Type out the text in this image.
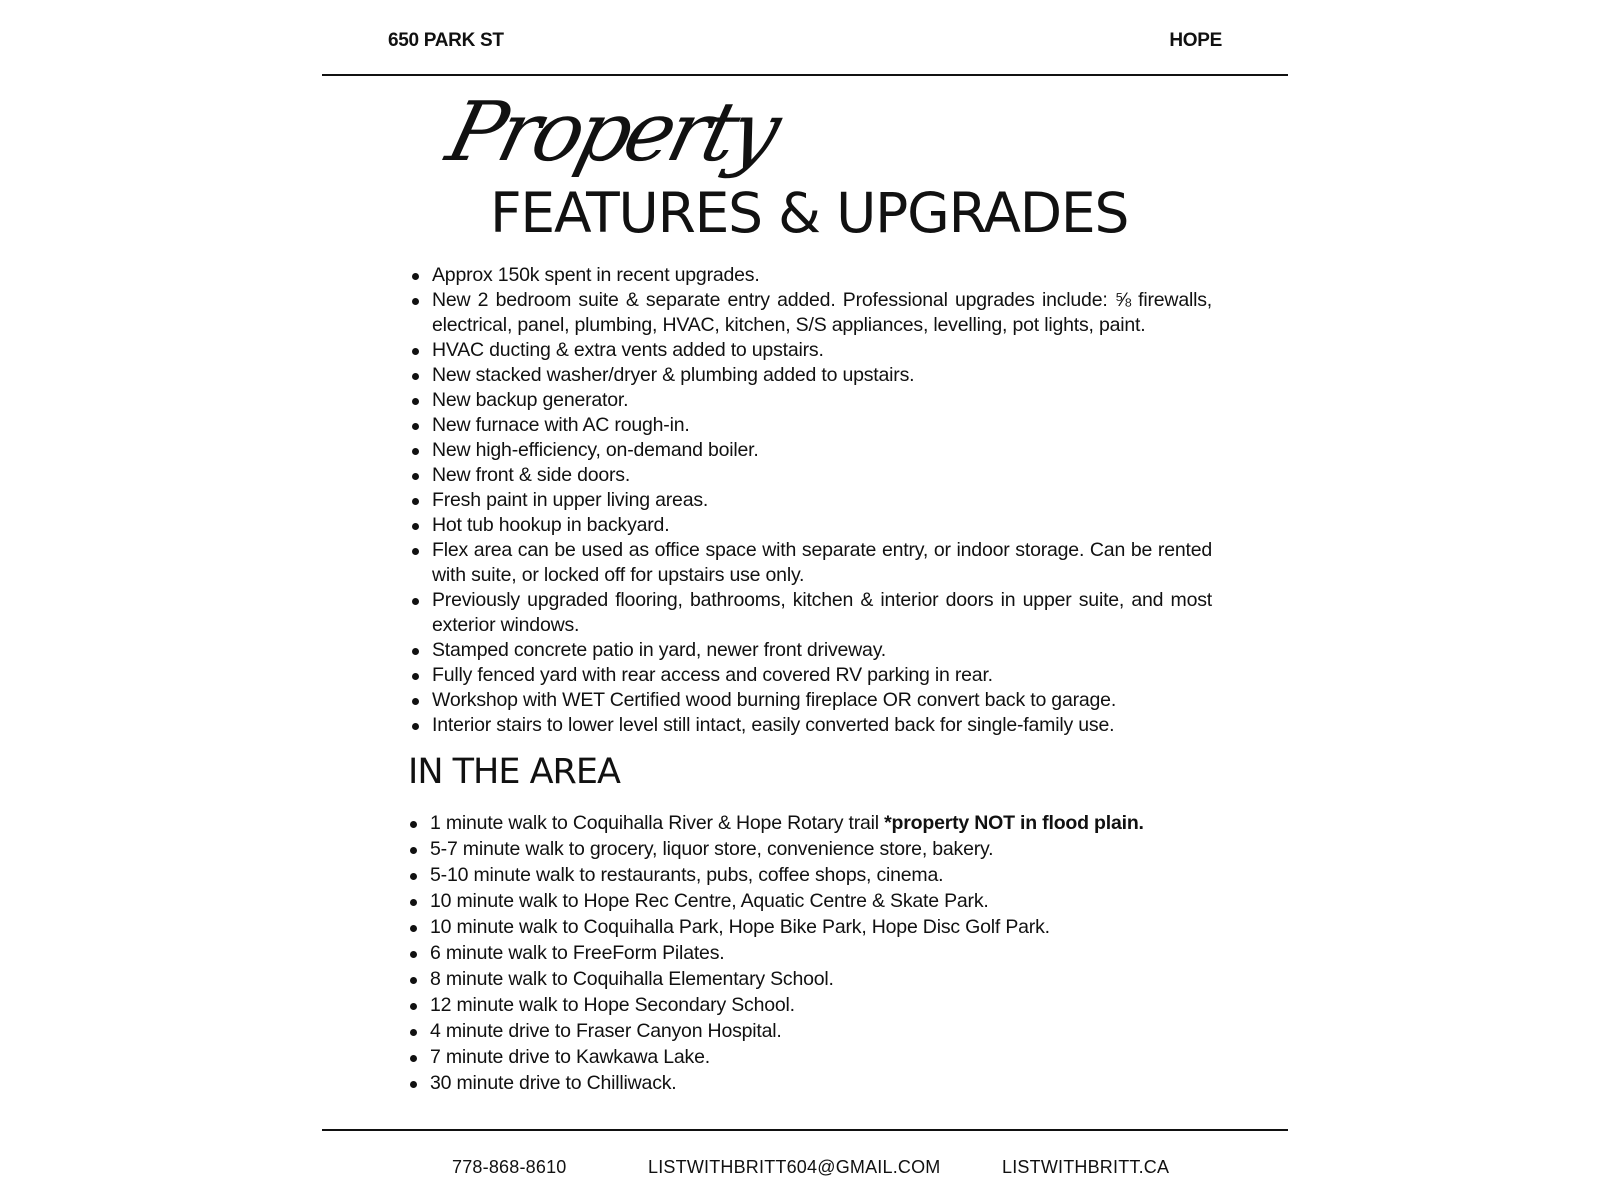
650 PARK ST	HOPE
Property
FEATURES & UPGRADES
Approx 150k spent in recent upgrades.
New 2 bedroom suite & separate entry added. Professional upgrades include: ⅝ firewalls, electrical, panel, plumbing, HVAC, kitchen, S/S appliances, levelling, pot lights, paint.
HVAC ducting & extra vents added to upstairs.
New stacked washer/dryer & plumbing added to upstairs.
New backup generator.
New furnace with AC rough-in.
New high-efficiency, on-demand boiler.
New front & side doors.
Fresh paint in upper living areas.
Hot tub hookup in backyard.
Flex area can be used as office space with separate entry, or indoor storage. Can be rented with suite, or locked off for upstairs use only.
Previously upgraded flooring, bathrooms, kitchen & interior doors in upper suite, and most exterior windows.
Stamped concrete patio in yard, newer front driveway.
Fully fenced yard with rear access and covered RV parking in rear.
Workshop with WET Certified wood burning fireplace OR convert back to garage.
Interior stairs to lower level still intact, easily converted back for single-family use.
IN THE AREA
1 minute walk to Coquihalla River & Hope Rotary trail *property NOT in flood plain.
5-7 minute walk to grocery, liquor store, convenience store, bakery.
5-10 minute walk to restaurants, pubs, coffee shops, cinema.
10 minute walk to Hope Rec Centre, Aquatic Centre & Skate Park.
10 minute walk to Coquihalla Park, Hope Bike Park, Hope Disc Golf Park.
6 minute walk to FreeForm Pilates.
8 minute walk to Coquihalla Elementary School.
12 minute walk to Hope Secondary School.
4 minute drive to Fraser Canyon Hospital.
7 minute drive to Kawkawa Lake.
30 minute drive to Chilliwack.
778-868-8610	LISTWITHBRITT604@GMAIL.COM	LISTWITHBRITT.CA
